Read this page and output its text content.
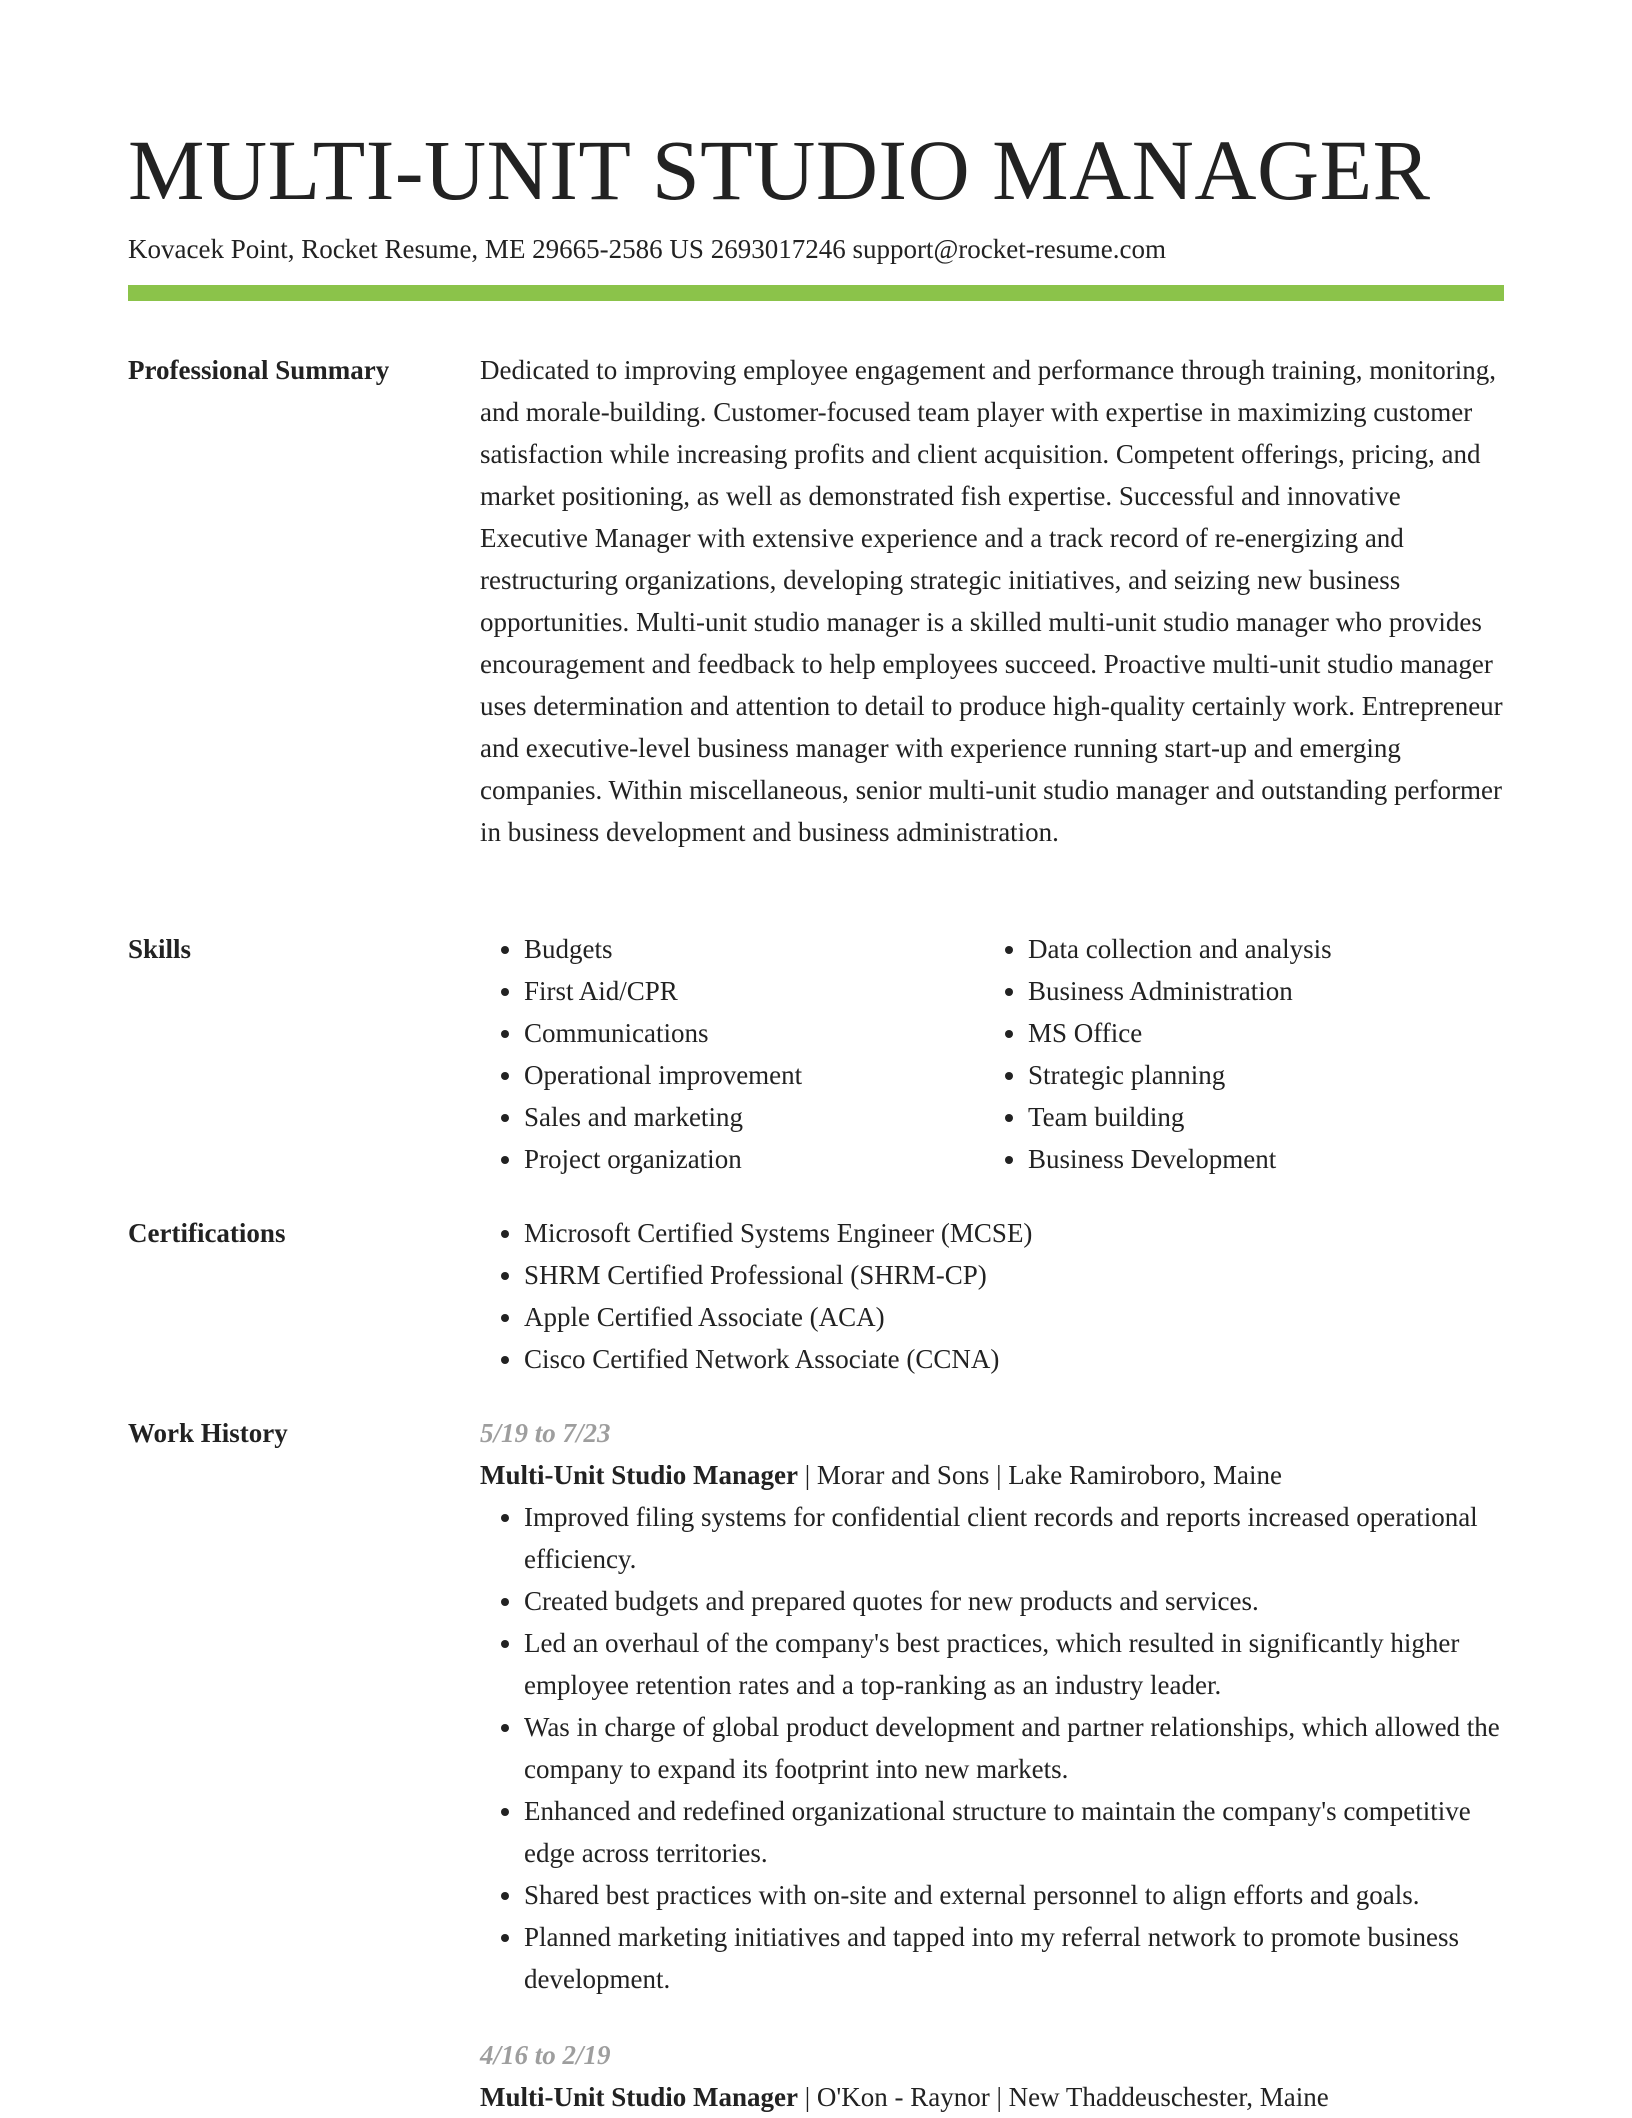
MULTI-UNIT STUDIO MANAGER
Kovacek Point, Rocket Resume, ME 29665-2586 US 2693017246 support@rocket-resume.com
Professional Summary	Dedicated to improving employee engagement and performance through training, monitoring, and morale-building. Customer-focused team player with expertise in maximizing customer satisfaction while increasing profits and client acquisition. Competent offerings, pricing, and market positioning, as well as demonstrated fish expertise. Successful and innovative Executive Manager with extensive experience and a track record of re-energizing and restructuring organizations, developing strategic initiatives, and seizing new business opportunities. Multi-unit studio manager is a skilled multi-unit studio manager who provides encouragement and feedback to help employees succeed. Proactive multi-unit studio manager uses determination and attention to detail to produce high-quality certainly work. Entrepreneur and executive-level business manager with experience running start-up and emerging companies. Within miscellaneous, senior multi-unit studio manager and outstanding performer in business development and business administration.

Skills	• Budgets
• First Aid/CPR
• Communications
• Operational improvement
• Sales and marketing
• Project organization
• Data collection and analysis
• Business Administration
• MS Office
• Strategic planning
• Team building
• Business Development
Certifications	• Microsoft Certified Systems Engineer (MCSE)
• SHRM Certified Professional (SHRM-CP)
• Apple Certified Associate (ACA)
• Cisco Certified Network Associate (CCNA)
Work History	5/19 to 7/23
Multi-Unit Studio Manager | Morar and Sons | Lake Ramiroboro, Maine
• Improved filing systems for confidential client records and reports increased operational efficiency.
• Created budgets and prepared quotes for new products and services.
• Led an overhaul of the company's best practices, which resulted in significantly higher employee retention rates and a top-ranking as an industry leader.
• Was in charge of global product development and partner relationships, which allowed the company to expand its footprint into new markets.
• Enhanced and redefined organizational structure to maintain the company's competitive edge across territories.
• Shared best practices with on-site and external personnel to align efforts and goals.
• Planned marketing initiatives and tapped into my referral network to promote business development.
4/16 to 2/19
Multi-Unit Studio Manager | O'Kon - Raynor | New Thaddeuschester, Maine
